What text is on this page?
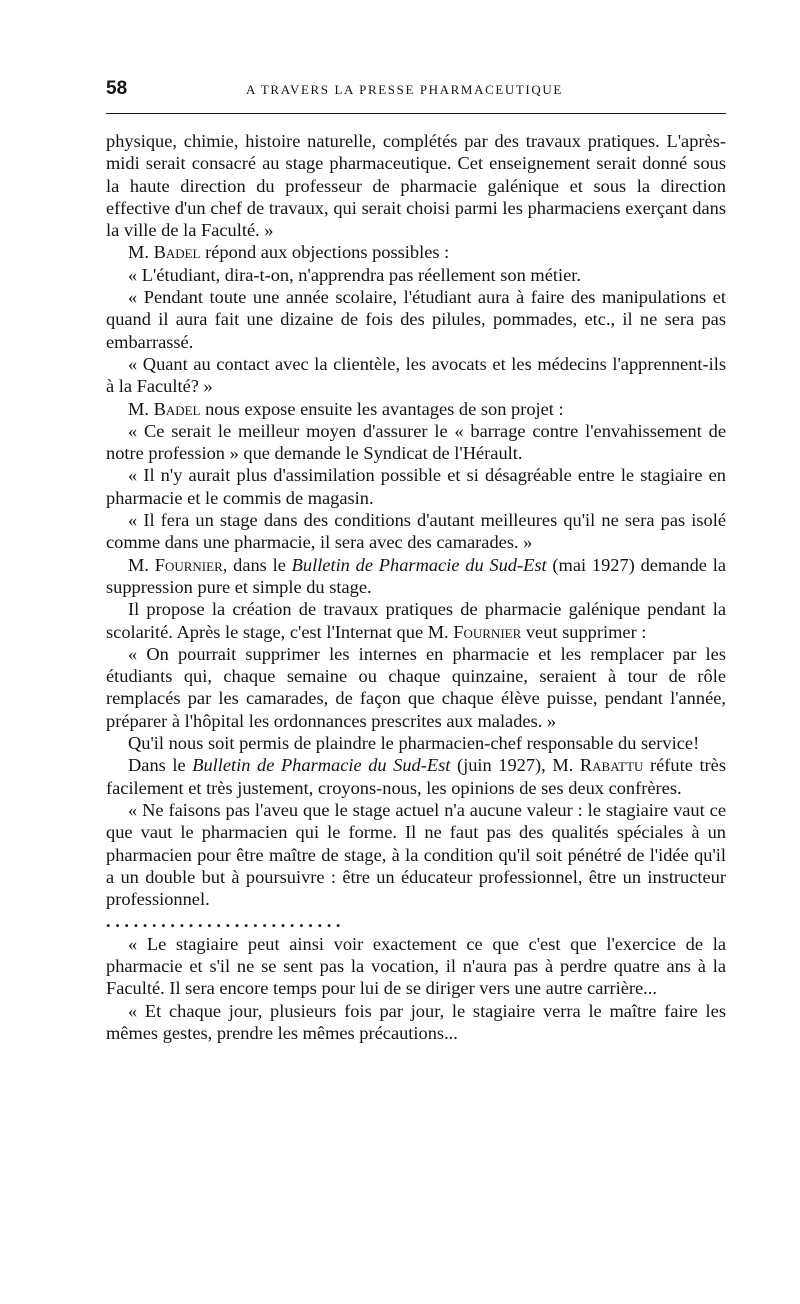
58	A TRAVERS LA PRESSE PHARMACEUTIQUE

physique, chimie, histoire naturelle, complétés par des travaux pratiques. L'après-midi serait consacré au stage pharmaceutique. Cet enseignement serait donné sous la haute direction du professeur de pharmacie galénique et sous la direction effective d'un chef de travaux, qui serait choisi parmi les pharmaciens exerçant dans la ville de la Faculté. »

M. Badel répond aux objections possibles :

« L'étudiant, dira-t-on, n'apprendra pas réellement son métier.

« Pendant toute une année scolaire, l'étudiant aura à faire des manipulations et quand il aura fait une dizaine de fois des pilules, pommades, etc., il ne sera pas embarrassé.

« Quant au contact avec la clientèle, les avocats et les médecins l'apprennent-ils à la Faculté? »

M. Badel nous expose ensuite les avantages de son projet :

« Ce serait le meilleur moyen d'assurer le « barrage contre l'envahissement de notre profession » que demande le Syndicat de l'Hérault.

« Il n'y aurait plus d'assimilation possible et si désagréable entre le stagiaire en pharmacie et le commis de magasin.

« Il fera un stage dans des conditions d'autant meilleures qu'il ne sera pas isolé comme dans une pharmacie, il sera avec des camarades. »

M. Fournier, dans le Bulletin de Pharmacie du Sud-Est (mai 1927) demande la suppression pure et simple du stage.

Il propose la création de travaux pratiques de pharmacie galénique pendant la scolarité. Après le stage, c'est l'Internat que M. Fournier veut supprimer :

« On pourrait supprimer les internes en pharmacie et les remplacer par les étudiants qui, chaque semaine ou chaque quinzaine, seraient à tour de rôle remplacés par les camarades, de façon que chaque élève puisse, pendant l'année, préparer à l'hôpital les ordonnances prescrites aux malades. »

Qu'il nous soit permis de plaindre le pharmacien-chef responsable du service!

Dans le Bulletin de Pharmacie du Sud-Est (juin 1927), M. Rabattu réfute très facilement et très justement, croyons-nous, les opinions de ses deux confrères.

« Ne faisons pas l'aveu que le stage actuel n'a aucune valeur : le stagiaire vaut ce que vaut le pharmacien qui le forme. Il ne faut pas des qualités spéciales à un pharmacien pour être maître de stage, à la condition qu'il soit pénétré de l'idée qu'il a un double but à poursuivre : être un éducateur professionnel, être un instructeur professionnel.

. . . . . . . . . . . . . . . . . . . . . . . . . .

« Le stagiaire peut ainsi voir exactement ce que c'est que l'exercice de la pharmacie et s'il ne se sent pas la vocation, il n'aura pas à perdre quatre ans à la Faculté. Il sera encore temps pour lui de se diriger vers une autre carrière...

« Et chaque jour, plusieurs fois par jour, le stagiaire verra le maître faire les mêmes gestes, prendre les mêmes précautions...
